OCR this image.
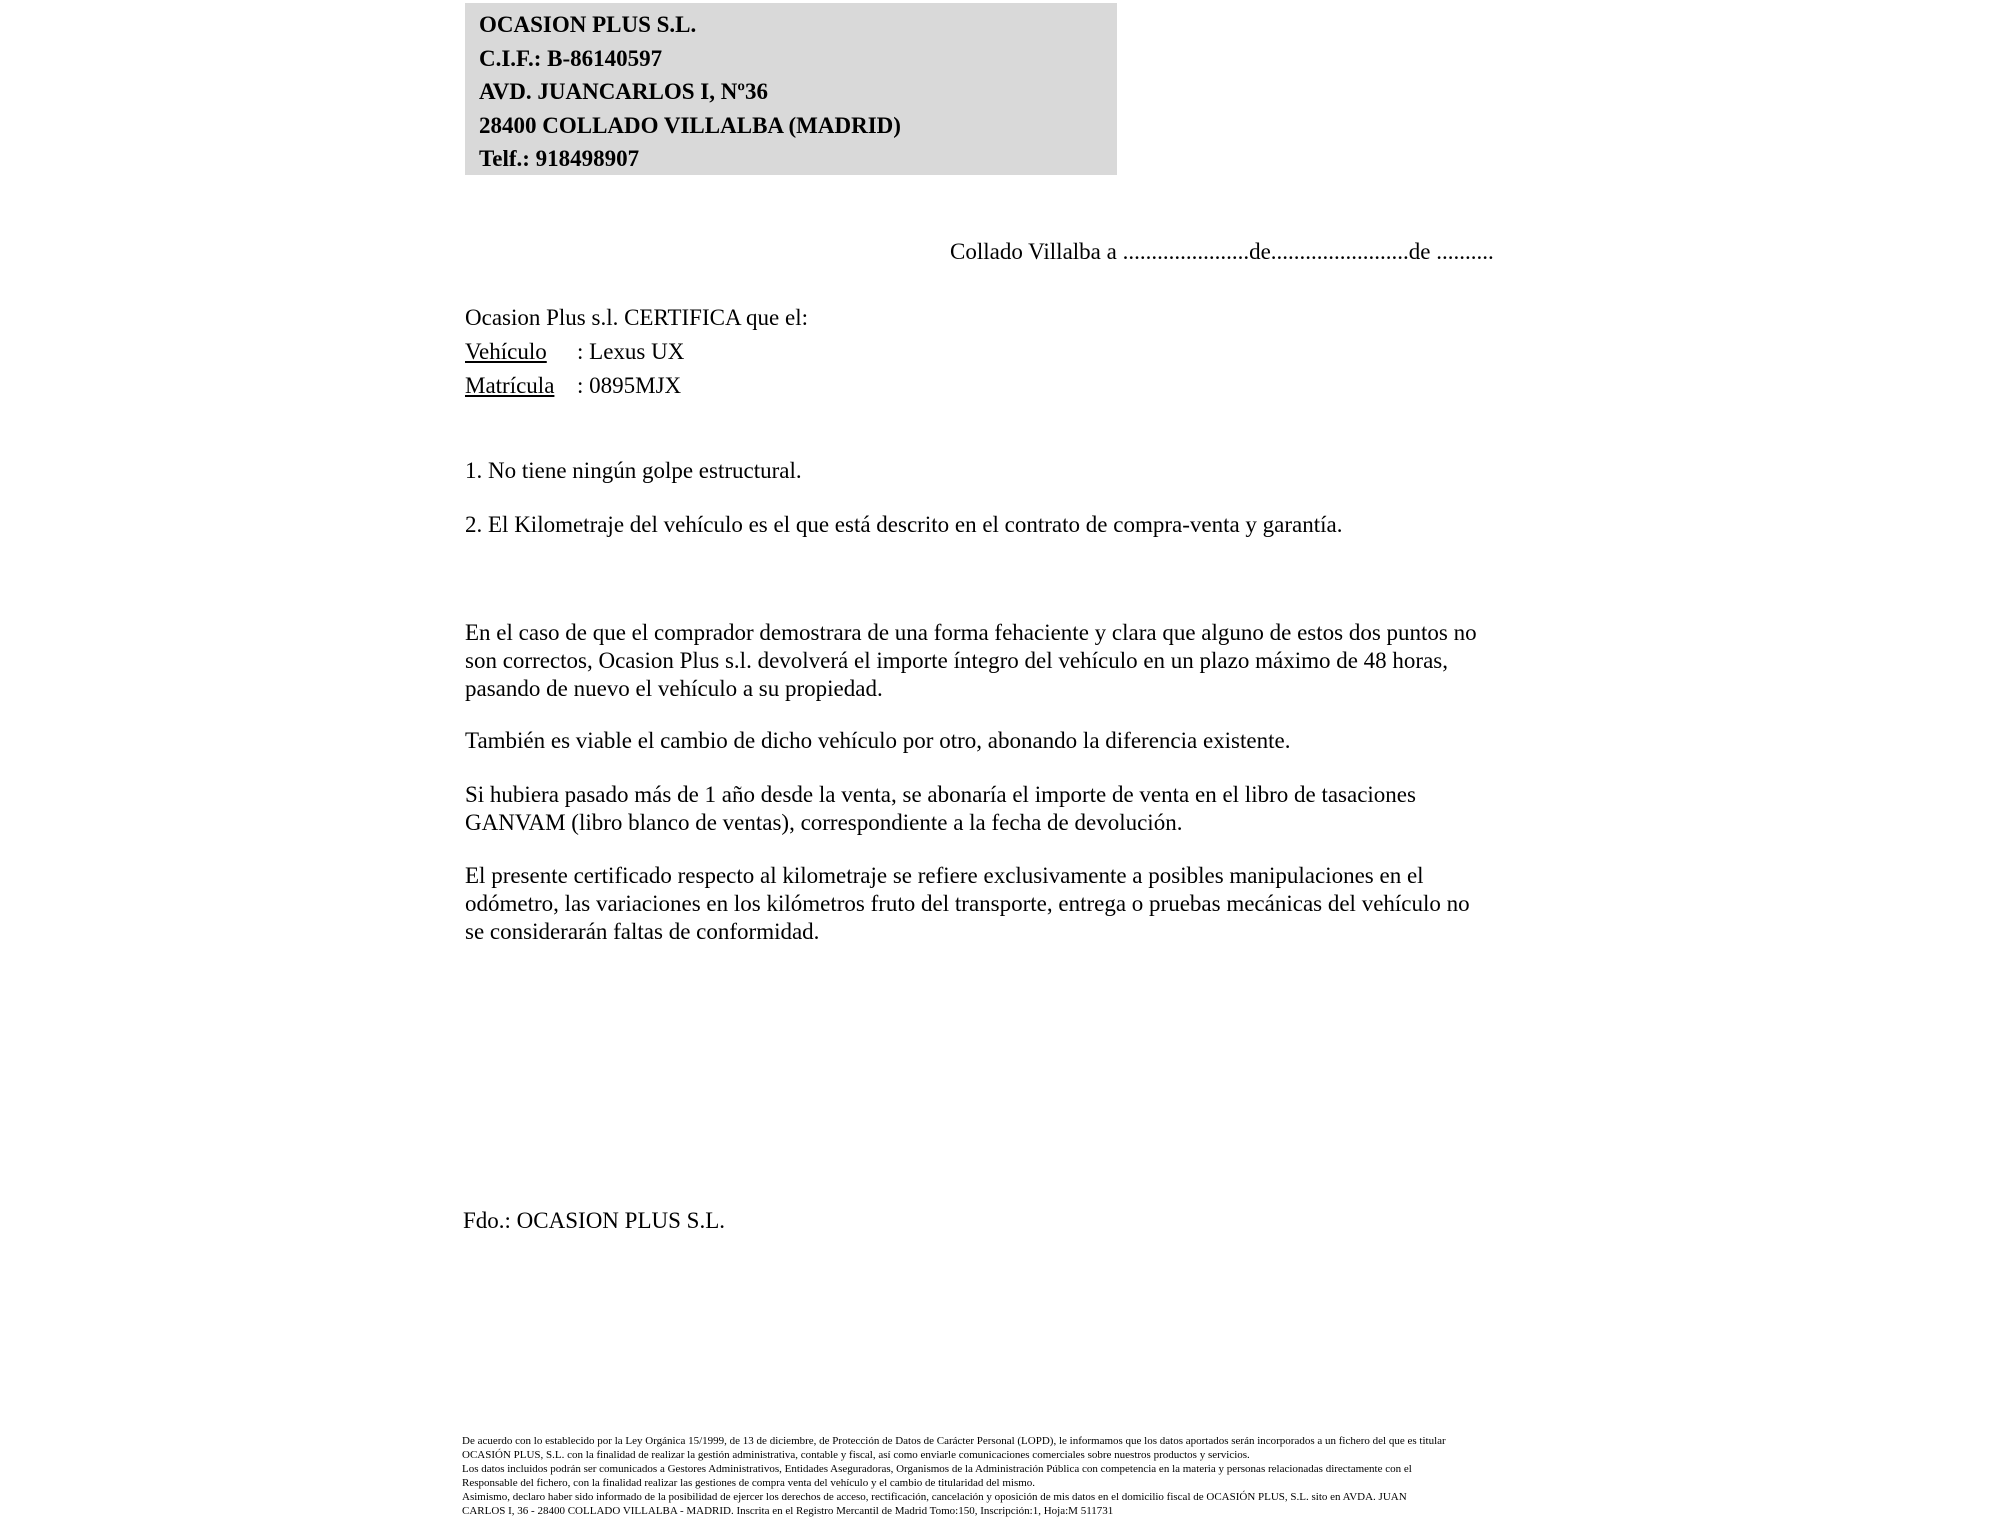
OCASION PLUS S.L.
C.I.F.: B-86140597
AVD. JUANCARLOS I, Nº36
28400 COLLADO VILLALBA (MADRID)
Telf.: 918498907
Collado Villalba a ......................de........................de ..........
Ocasion Plus s.l. CERTIFICA que el:
Vehículo : Lexus UX
Matrícula : 0895MJX
1. No tiene ningún golpe estructural.
2. El Kilometraje del vehículo es el que está descrito en el contrato de compra-venta y garantía.
En el caso de que el comprador demostrara de una forma fehaciente y clara que alguno de estos dos puntos no
son correctos, Ocasion Plus s.l. devolverá el importe íntegro del vehículo en un plazo máximo de 48 horas,
pasando de nuevo el vehículo a su propiedad.
También es viable el cambio de dicho vehículo por otro, abonando la diferencia existente.
Si hubiera pasado más de 1 año desde la venta, se abonaría el importe de venta en el libro de tasaciones
GANVAM (libro blanco de ventas), correspondiente a la fecha de devolución.
El presente certificado respecto al kilometraje se refiere exclusivamente a posibles manipulaciones en el
odómetro, las variaciones en los kilómetros fruto del transporte, entrega o pruebas mecánicas del vehículo no
se considerarán faltas de conformidad.
Fdo.: OCASION PLUS S.L.
De acuerdo con lo establecido por la Ley Orgánica 15/1999, de 13 de diciembre, de Protección de Datos de Carácter Personal (LOPD), le informamos que los datos aportados serán incorporados a un fichero del que es titular
OCASIÓN PLUS, S.L. con la finalidad de realizar la gestión administrativa, contable y fiscal, así como enviarle comunicaciones comerciales sobre nuestros productos y servicios.
Los datos incluidos podrán ser comunicados a Gestores Administrativos, Entidades Aseguradoras, Organismos de la Administración Pública con competencia en la materia y personas relacionadas directamente con el
Responsable del fichero, con la finalidad realizar las gestiones de compra venta del vehículo y el cambio de titularidad del mismo.
Asimismo, declaro haber sido informado de la posibilidad de ejercer los derechos de acceso, rectificación, cancelación y oposición de mis datos en el domicilio fiscal de OCASIÓN PLUS, S.L. sito en AVDA. JUAN
CARLOS I, 36 - 28400 COLLADO VILLALBA - MADRID. Inscrita en el Registro Mercantil de Madrid Tomo:150, Inscripción:1, Hoja:M 511731
